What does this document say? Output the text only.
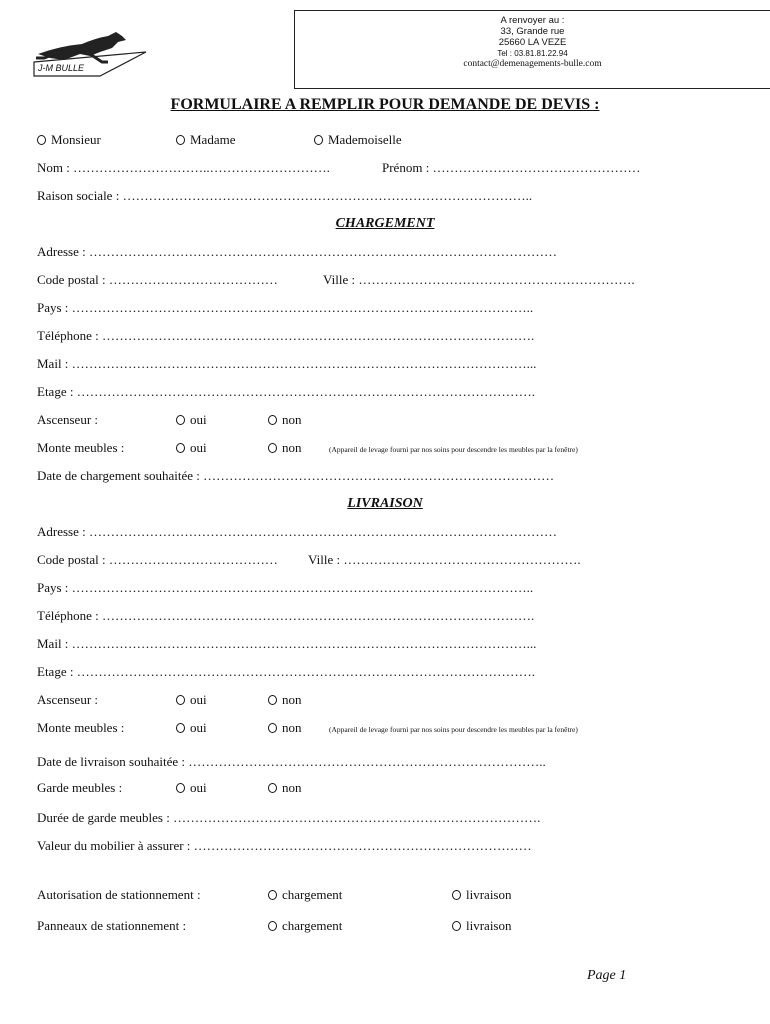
J-M BULLE
A renvoyer au :
33, Grande rue
25660 LA VEZE
Tel : 03.81.81.22.94
contact@demenagements-bulle.com
FORMULAIRE A REMPLIR POUR DEMANDE DE DEVIS :
Monsieur	Madame	Mademoiselle
Nom : …………………………..……………………….	Prénom : …………………………………………
Raison sociale : …………………………………………………………………………………..
CHARGEMENT
Adresse : ………………………………………………………………………………………………
Code postal : …………………………………	Ville : ……………………………………………………….
Pays : ……………………………………………………………………………………………..
Téléphone : ……………………………………………………………………………………….
Mail : ……………………………………………………………………………………………...
Etage : …………………………………………………………………………………………….
Ascenseur :	oui	non
Monte meubles :	oui	non	(Appareil de levage fourni par nos soins pour descendre les meubles par la fenêtre)
Date de chargement souhaitée : ………………………………………………………………………
LIVRAISON
Adresse : ………………………………………………………………………………………………
Code postal : ………………………………… Ville : ……………………………………………….
Pays : ……………………………………………………………………………………………..
Téléphone : ……………………………………………………………………………………….
Mail : ……………………………………………………………………………………………...
Etage : …………………………………………………………………………………………….
Ascenseur :	oui	non
Monte meubles :	oui	non	(Appareil de levage fourni par nos soins pour descendre les meubles par la fenêtre)
Date de livraison souhaitée : ………………………………………………………………………..
Garde meubles :	oui	non
Durée de garde meubles : ………………………………………………………………………….
Valeur du mobilier à assurer : ……………………………………………………………………
Autorisation de stationnement :	chargement	livraison
Panneaux de stationnement :	chargement	livraison
Page 1
